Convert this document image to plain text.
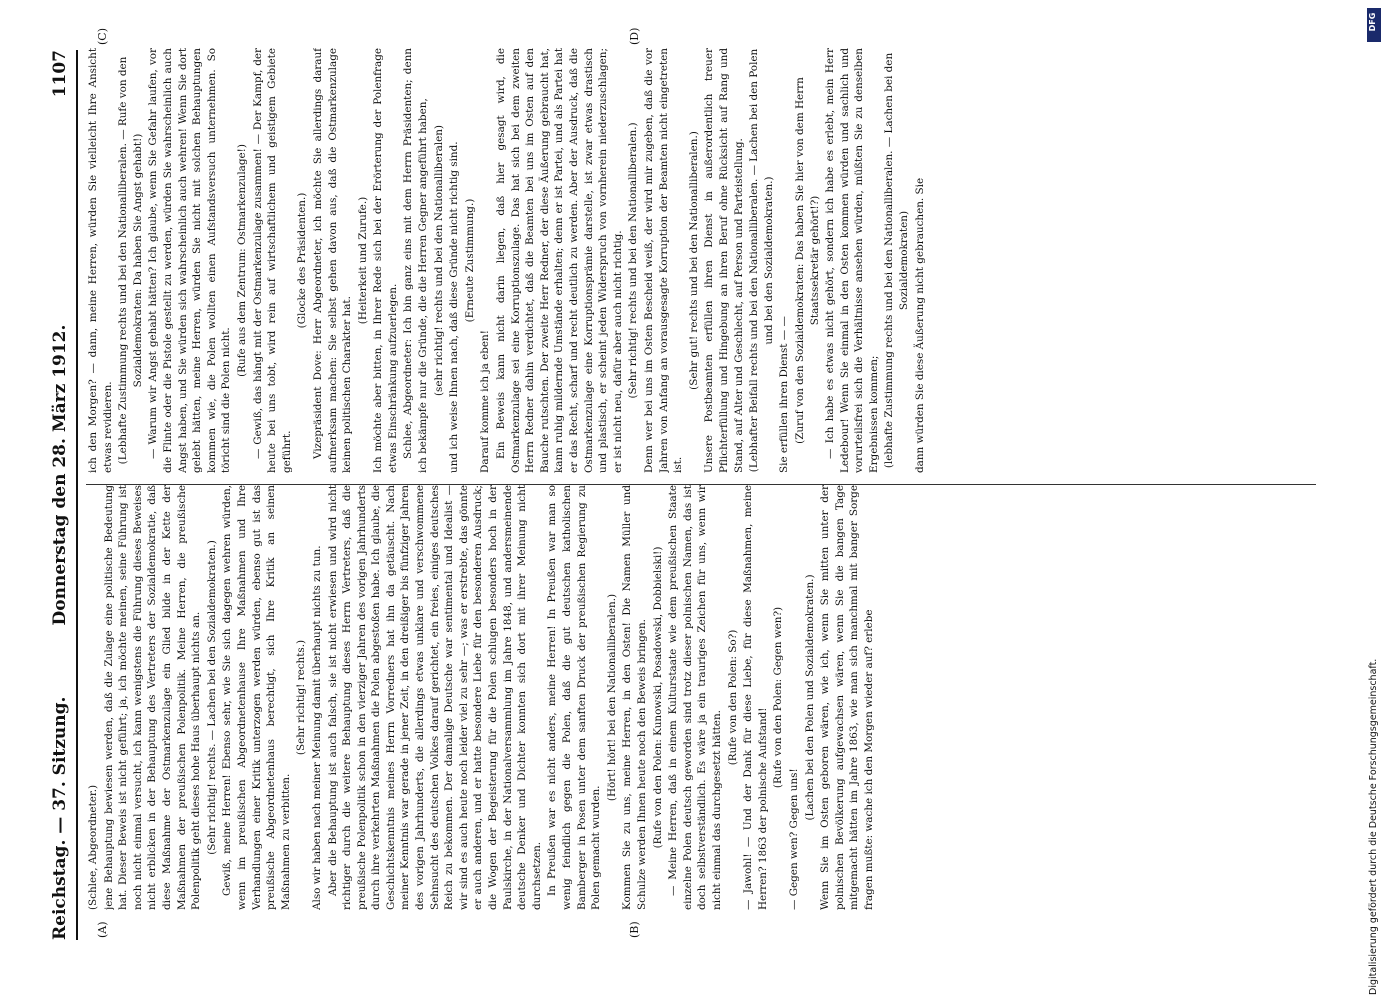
Reichstag. — 37. Sitzung.
Donnerstag den 28. März 1912.
1107
(A)	(B)
(C)	(D)

(Schlee, Abgeordneter.) jene Behauptung bewiesen werden, daß die Zulage eine politische Bedeutung hat. Dieser Beweis ist nicht geführt; ja, ich möchte meinen, seine Führung ist noch nicht einmal versucht, ich kann wenigstens die Führung dieses Beweises nicht erblicken in der Behauptung des Vertreters der Sozialdemokratie, daß diese Maßnahme der Ostmarkenzulage ein Glied bilde in der Kette der Maßnahmen der preußischen Polenpolitik. Meine Herren, die preußische Polenpolitik geht dieses hohe Haus überhaupt nichts an. (Sehr richtig! rechts. — Lachen bei den Sozialdemokraten.) Gewiß, meine Herren! Ebenso sehr, wie Sie sich dagegen wehren würden, wenn im preußischen Abgeordnetenhause Ihre Maßnahmen und Ihre Verhandlungen einer Kritik unterzogen werden würden, ebenso gut ist das preußische Abgeordnetenhaus berechtigt, sich Ihre Kritik an seinen Maßnahmen zu verbitten.

(Sehr richtig! rechts.) Also wir haben nach meiner Meinung damit überhaupt nichts zu tun. Aber die Behauptung ist auch falsch, sie ist nicht erwiesen und wird nicht richtiger durch die weitere Behauptung dieses Herrn Vertreters, daß die preußische Polenpolitik schon in den vierziger Jahren des vorigen Jahrhunderts durch ihre verkehrten Maßnahmen die Polen abgestoßen habe. Ich glaube, die Geschichtskenntnis meines Herrn Vorredners hat ihn da getäuscht. Nach meiner Kenntnis war gerade in jener Zeit, in den dreißiger bis fünfziger Jahren des vorigen Jahrhunderts, die allerdings etwas unklare und verschwommene Sehnsucht des deutschen Volkes darauf gerichtet, ein freies, einiges deutsches Reich zu bekommen. Der damalige Deutsche war sentimental und Idealist — wir sind es auch heute noch leider viel zu sehr —; was er erstrebte, das gönnte er auch anderen, und er hatte besondere Liebe für den besonderen Ausdruck; die Wogen der Begeisterung für die Polen schlugen besonders hoch in der Paulskirche, in der Nationalversammlung im Jahre 1848, und andersmeinende deutsche Denker und Dichter konnten sich dort mit ihrer Meinung nicht durchsetzen. In Preußen war es nicht anders, meine Herren! In Preußen war man so wenig feindlich gegen die Polen, daß die gut deutschen katholischen Bamberger in Posen unter dem sanften Druck der preußischen Regierung zu Polen gemacht wurden.

(Hört! hört! bei den Nationalliberalen.) Kommen Sie zu uns, meine Herren, in den Osten! Die Namen Müller und Schulze werden Ihnen heute noch den Beweis bringen. (Rufe von den Polen: Kunowski, Posadowski, Dobbielski!) — Meine Herren, daß in einem Kulturstaate wie dem preußischen Staate einzelne Polen deutsch geworden sind trotz dieser polnischen Namen, das ist doch selbstverständlich. Es wäre ja ein trauriges Zeichen für uns, wenn wir nicht einmal das durchgesetzt hätten.

(Rufe von den Polen: So?) — Jawohl! — Und der Dank für diese Liebe, für diese Maßnahmen, meine Herren? 1863 der polnische Aufstand!

(Rufe von den Polen: Gegen wen?)

— Gegen wen? Gegen uns!

(Lachen bei den Polen und Sozialdemokraten.) Wenn Sie im Osten geboren wären, wie ich, wenn Sie mitten unter der polnischen Bevölkerung aufgewachsen wären, wenn Sie die bangen Tage mitgemacht hätten im Jahre 1863, wie man sich manchmal mit banger Sorge fragen mußte: wache ich den Morgen wieder auf? erlebe

ich den Morgen? — dann, meine Herren, würden Sie vielleicht Ihre Ansicht etwas revidieren. (Lebhafte Zustimmung rechts und bei den Nationalliberalen. — Rufe von den Sozialdemokraten: Da haben Sie Angst gehabt!) — Warum wir Angst gehabt hätten? Ich glaube, wenn Sie Gefahr laufen, vor die Flinte oder die Pistole gestellt zu werden, würden Sie wahrscheinlich auch Angst haben, und Sie würden sich wahrscheinlich auch wehren! Wenn Sie dort gelebt hätten, meine Herren, würden Sie nicht mit solchen Behauptungen kommen wie, die Polen wollten einen Aufstandsversuch unternehmen. So töricht sind die Polen nicht.

(Rufe aus dem Zentrum: Ostmarkenzulage!) — Gewiß, das hängt mit der Ostmarkenzulage zusammen! — Der Kampf, der heute bei uns tobt, wird rein auf wirtschaftlichem und geistigem Gebiete geführt.

(Glocke des Präsidenten.) Vizepräsident Dove: Herr Abgeordneter, ich möchte Sie allerdings darauf aufmerksam machen: Sie selbst gehen davon aus, daß die Ostmarkenzulage keinen politischen Charakter hat.

(Heiterkeit und Zurufe.) Ich möchte aber bitten, in Ihrer Rede sich bei der Erörterung der Polenfrage etwas Einschränkung aufzuerlegen. Schlee, Abgeordneter: Ich bin ganz eins mit dem Herrn Präsidenten; denn ich bekämpfe nur die Gründe, die die Herren Gegner angeführt haben, (sehr richtig! rechts und bei den Nationalliberalen) und ich weise Ihnen nach, daß diese Gründe nicht richtig sind. (Erneute Zustimmung.)

Darauf komme ich ja eben! Ein Beweis kann nicht darin liegen, daß hier gesagt wird, die Ostmarkenzulage sei eine Korruptionszulage. Das hat sich bei dem zweiten Herrn Redner dahin verdichtet, daß die Beamten bei uns im Osten auf den Bauche rutschten. Der zweite Herr Redner, der diese Äußerung gebraucht hat, kann ruhig mildernde Umstände erhalten; denn er ist Partei, und als Partei hat er das Recht, scharf und recht deutlich zu werden. Aber der Ausdruck, daß die Ostmarkenzulage eine Korruptionsprämie darstelle, ist zwar etwas drastisch und plastisch, er scheint jeden Widerspruch von vornherein niederzuschlagen; er ist nicht neu, dafür aber auch nicht richtig. (Sehr richtig! rechts und bei den Nationalliberalen.) Denn wer bei uns im Osten Bescheid weiß, der wird mir zugeben, daß die vor Jahren von Anfang an vorausgesagte Korruption der Beamten nicht eingetreten ist.

(Sehr gut! rechts und bei den Nationalliberalen.) Unsere Postbeamten erfüllen ihren Dienst in außerordentlich treuer Pflichterfüllung und Hingebung an ihren Beruf ohne Rücksicht auf Rang und Stand, auf Alter und Geschlecht, auf Person und Parteistellung. (Lebhafter Beifall rechts und bei den Nationalliberalen. — Lachen bei den Polen und bei den Sozialdemokraten.)

Sie erfüllen ihren Dienst — — (Zuruf von den Sozialdemokraten: Das haben Sie hier von dem Herrn Staatssekretär gehört!?) — Ich habe es etwas nicht gehört, sondern ich habe es erlebt, mein Herr Ledebour! Wenn Sie einmal in den Osten kommen würden und sachlich und vorurteilsfrei sich die Verhältnisse ansehen würden, müßten Sie zu denselben Ergebnissen kommen; (lebhafte Zustimmung rechts und bei den Nationalliberalen. — Lachen bei den Sozialdemokraten) dann würden Sie diese Äußerung nicht gebrauchen. Sie

Digitalisierung gefördert durch die Deutsche Forschungsgemeinschaft.
DFG
